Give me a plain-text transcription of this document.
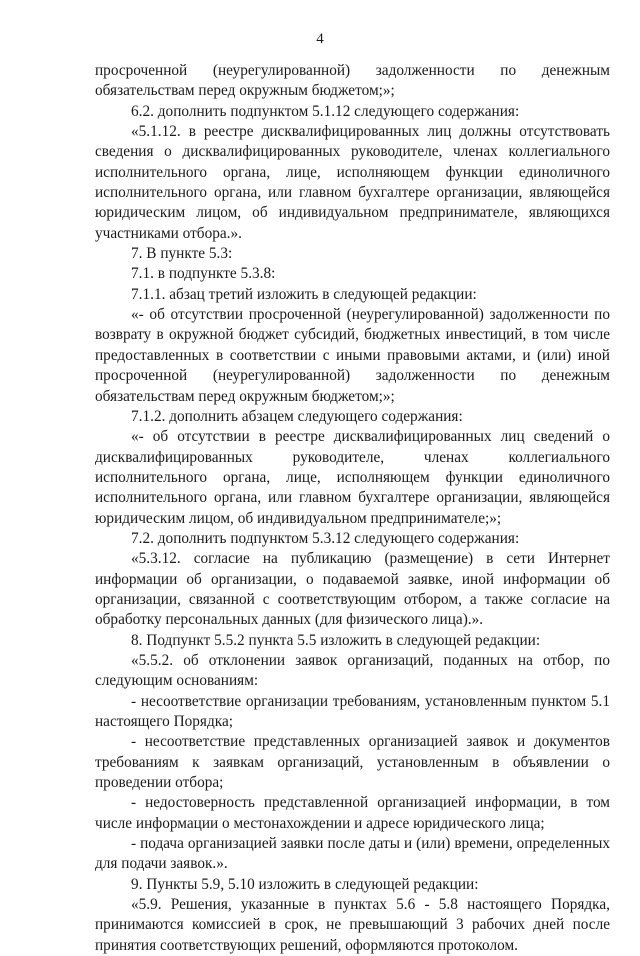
4

просроченной (неурегулированной) задолженности по денежным обязательствам перед окружным бюджетом;»;

6.2. дополнить подпунктом 5.1.12 следующего содержания:

«5.1.12. в реестре дисквалифицированных лиц должны отсутствовать сведения о дисквалифицированных руководителе, членах коллегиального исполнительного органа, лице, исполняющем функции единоличного исполнительного органа, или главном бухгалтере организации, являющейся юридическим лицом, об индивидуальном предпринимателе, являющихся участниками отбора.».

7. В пункте 5.3:

7.1. в подпункте 5.3.8:

7.1.1. абзац третий изложить в следующей редакции:

«- об отсутствии просроченной (неурегулированной) задолженности по возврату в окружной бюджет субсидий, бюджетных инвестиций, в том числе предоставленных в соответствии с иными правовыми актами, и (или) иной просроченной (неурегулированной) задолженности по денежным обязательствам перед окружным бюджетом;»;

7.1.2. дополнить абзацем следующего содержания:

«- об отсутствии в реестре дисквалифицированных лиц сведений о дисквалифицированных руководителе, членах коллегиального исполнительного органа, лице, исполняющем функции единоличного исполнительного органа, или главном бухгалтере организации, являющейся юридическим лицом, об индивидуальном предпринимателе;»;

7.2. дополнить подпунктом 5.3.12 следующего содержания:

«5.3.12. согласие на публикацию (размещение) в сети Интернет информации об организации, о подаваемой заявке, иной информации об организации, связанной с соответствующим отбором, а также согласие на обработку персональных данных (для физического лица).».

8. Подпункт 5.5.2 пункта 5.5 изложить в следующей редакции:

«5.5.2. об отклонении заявок организаций, поданных на отбор, по следующим основаниям:

- несоответствие организации требованиям, установленным пунктом 5.1 настоящего Порядка;

- несоответствие представленных организацией заявок и документов требованиям к заявкам организаций, установленным в объявлении о проведении отбора;

- недостоверность представленной организацией информации, в том числе информации о местонахождении и адресе юридического лица;

- подача организацией заявки после даты и (или) времени, определенных для подачи заявок.».

9. Пункты 5.9, 5.10 изложить в следующей редакции:

«5.9. Решения, указанные в пунктах 5.6 - 5.8 настоящего Порядка, принимаются комиссией в срок, не превышающий 3 рабочих дней после принятия соответствующих решений, оформляются протоколом.
